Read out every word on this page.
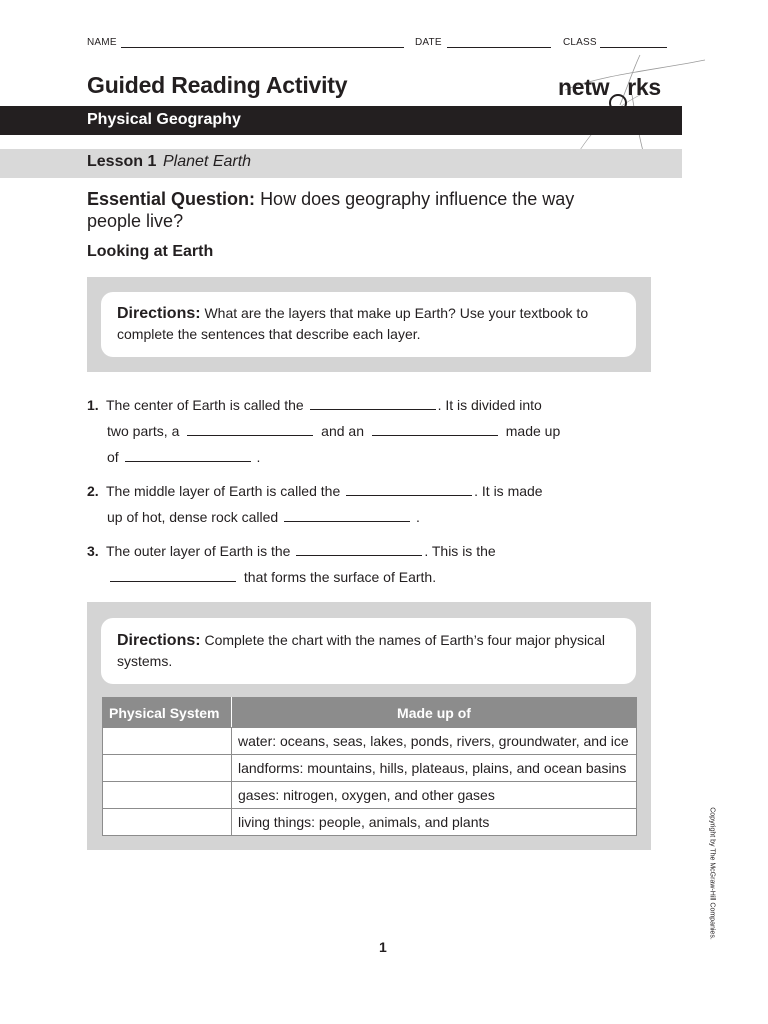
NAME	DATE	CLASS
Guided Reading Activity	netw rks
Physical Geography
Lesson 1 Planet Earth
Essential Question: How does geography influence the way people live?
Looking at Earth
Directions: What are the layers that make up Earth? Use your textbook to complete the sentences that describe each layer.
1. The center of Earth is called the	. It is divided into
two parts, a	and an	made up
of	.
2. The middle layer of Earth is called the	. It is made
up of hot, dense rock called	.
3. The outer layer of Earth is the	. This is the
that forms the surface of Earth.
Directions: Complete the chart with the names of Earth’s four major physical systems.
Physical System	Made up of
	water: oceans, seas, lakes, ponds, rivers, groundwater, and ice
	landforms: mountains, hills, plateaus, plains, and ocean basins
	gases: nitrogen, oxygen, and other gases
	living things: people, animals, and plants	Copyright by The McGraw-Hill Companies.
1
